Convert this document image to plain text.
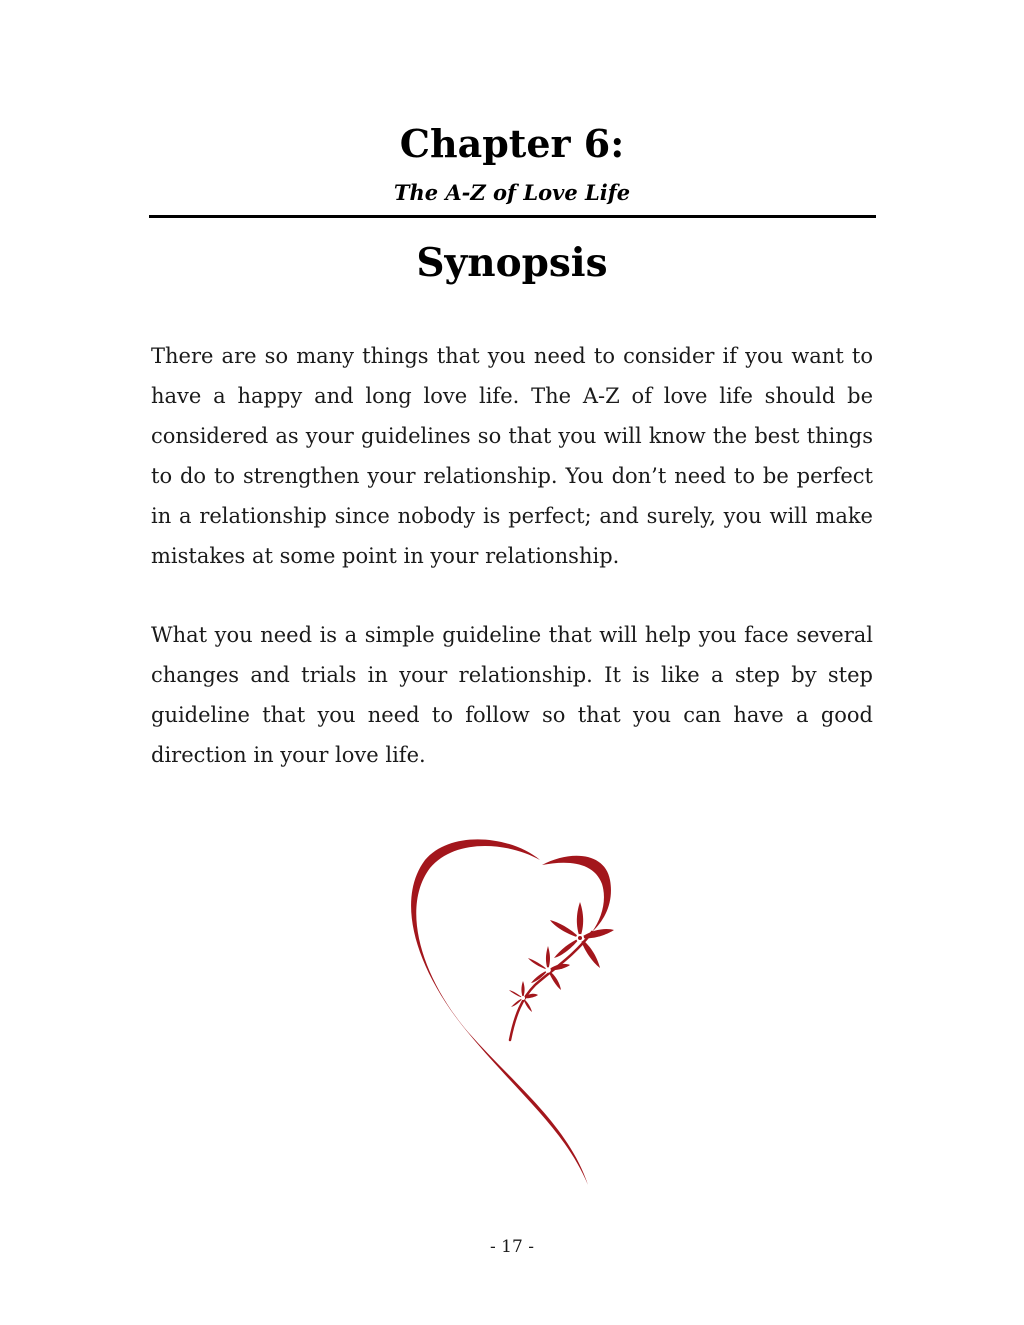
Chapter 6:
The A-Z of Love Life
Synopsis

There are so many things that you need to consider if you want to have a happy and long love life. The A-Z of love life should be considered as your guidelines so that you will know the best things to do to strengthen your relationship. You don’t need to be perfect in a relationship since nobody is perfect; and surely, you will make mistakes at some point in your relationship.

What you need is a simple guideline that will help you face several changes and trials in your relationship. It is like a step by step guideline that you need to follow so that you can have a good direction in your love life.

- 17 -
